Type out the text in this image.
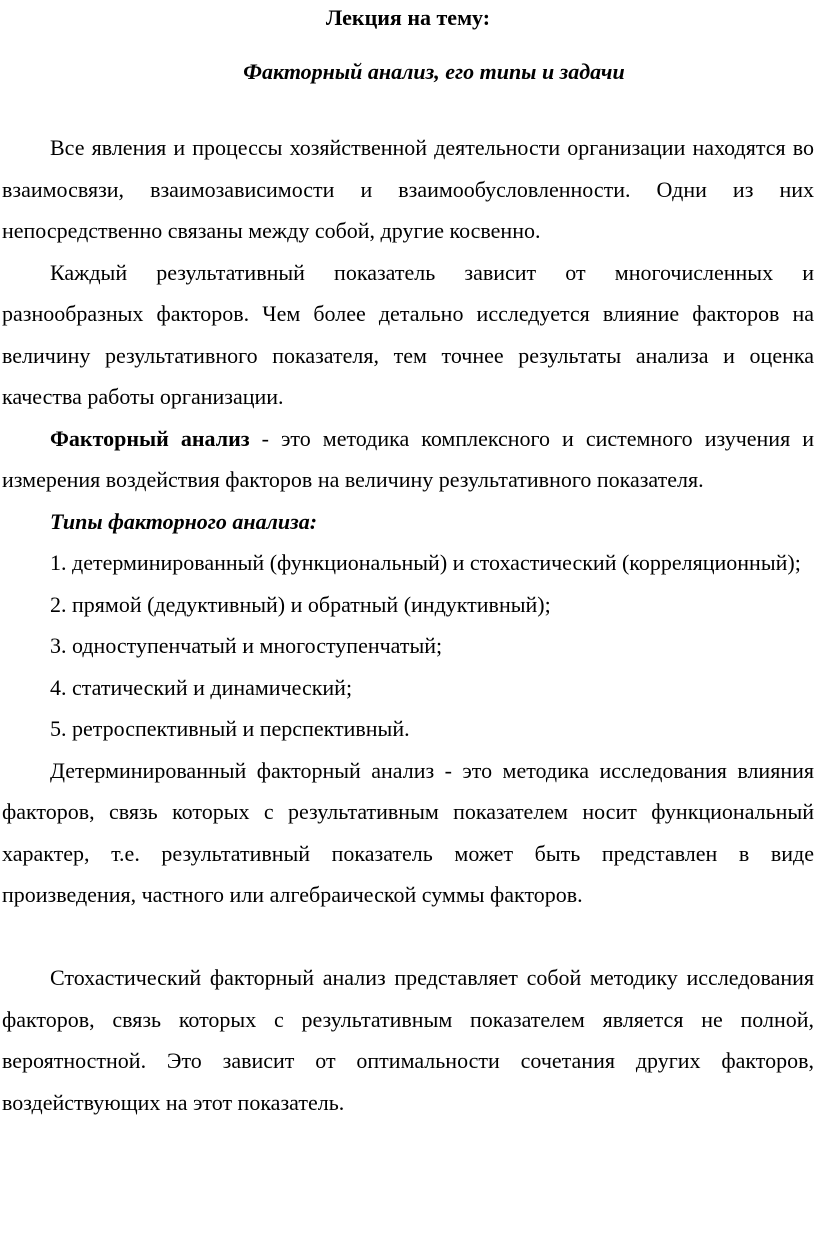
Лекция на тему:
Факторный анализ, его типы и задачи

Все явления и процессы хозяйственной деятельности организации находятся во взаимосвязи, взаимозависимости и взаимообусловленности. Одни из них непосредственно связаны между собой, другие косвенно.

Каждый результативный показатель зависит от многочисленных и разнообразных факторов. Чем более детально исследуется влияние факторов на величину результативного показателя, тем точнее результаты анализа и оценка качества работы организации.

Факторный анализ - это методика комплексного и системного изучения и измерения воздействия факторов на величину результативного показателя.

Типы факторного анализа:

1. детерминированный (функциональный) и стохастический (корреляционный);

2. прямой (дедуктивный) и обратный (индуктивный);

3. одноступенчатый и многоступенчатый;

4. статический и динамический;

5. ретроспективный и перспективный.

Детерминированный факторный анализ - это методика исследования влияния факторов, связь которых с результативным показателем носит функциональный характер, т.е. результативный показатель может быть представлен в виде произведения, частного или алгебраической суммы факторов.

Стохастический факторный анализ представляет собой методику исследования факторов, связь которых с результативным показателем является не полной, вероятностной. Это зависит от оптимальности сочетания других факторов, воздействующих на этот показатель.
